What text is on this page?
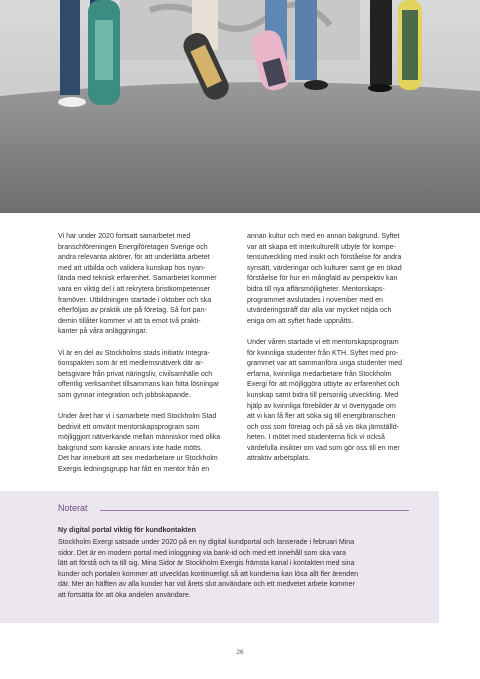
Vi har under 2020 fortsatt samarbetet med
branschföreningen Energiföretagen Sverige och
andra relevanta aktörer, för att underlätta arbetet
med att utbilda och validera kunskap hos nyan-
lända med teknisk erfarenhet. Samarbetet kommer
vara en viktig del i att rekrytera bristkompetenser
framöver. Utbildningen startade i oktober och ska
efterföljas av praktik ute på företag. Så fort pan-
demin tillåter kommer vi att ta emot två prakti-
kanter på våra anläggningar.

Vi är en del av Stockholms stads initiativ Integra-
tionspakten som är ett medlemsnätverk där ar-
betsgivare från privat näringsliv, civilsamhälle och
offentlig verksamhet tillsammans kan hitta lösningar
som gynnar integration och jobbskapande.

Under året har vi i samarbete med Stockholm Stad
bedrivit ett omvänt mentorskapsprogram som
möjliggjort nätverkande mellan människor med olika
bakgrund som kanske annars inte hade mötts.
Det har inneburit att sex medarbetare ur Stockholm
Exergis ledningsgrupp har fått en mentor från en

annan kultur och med en annan bakgrund. Syftet
var att skapa ett interkulturellt utbyte för kompe-
tensutveckling med insikt och förståelse för andra
synsätt, värderingar och kulturer samt ge en ökad
förståelse för hur en mångfald av perspektiv kan
bidra till nya affärsmöjligheter. Mentorskaps-
programmet avslutades i november med en
utvärderingsträff där alla var mycket nöjda och
eniga om att syftet hade uppnåtts.

Under våren startade vi ett mentorskapsprogram
för kvinnliga studenter från KTH. Syftet med pro-
grammet var att sammanföra unga studenter med
erfarna, kvinnliga medarbetare från Stockholm
Exergi för att möjliggöra utbyte av erfarenhet och
kunskap samt bidra till personlig utveckling. Med
hjälp av kvinnliga förebilder är vi övertygade om
att vi kan få fler att söka sig till energibranschen
och oss som företag och på så vis öka jämställd-
heten. I mötet med studenterna fick vi också
värdefulla insikter om vad som gör oss till en mer
attraktiv arbetsplats.

Noterat
Ny digital portal viktig för kundkontakten
Stockholm Exergi satsade under 2020 på en ny digital kundportal och lanserade i februari Mina
sidor. Det är en modern portal med inloggning via bank-id och med ett innehåll som ska vara
lätt att förstå och ta till sig. Mina Sidor är Stockholm Exergis främsta kanal i kontakten med sina
kunder och portalen kommer att utvecklas kontinuerligt så att kunderna kan lösa allt fler ärenden
där. Mer än hälften av alla kunder har vid årets slut användare och ett medvetet arbete kommer
att fortsätta för att öka andelen användare.
26
